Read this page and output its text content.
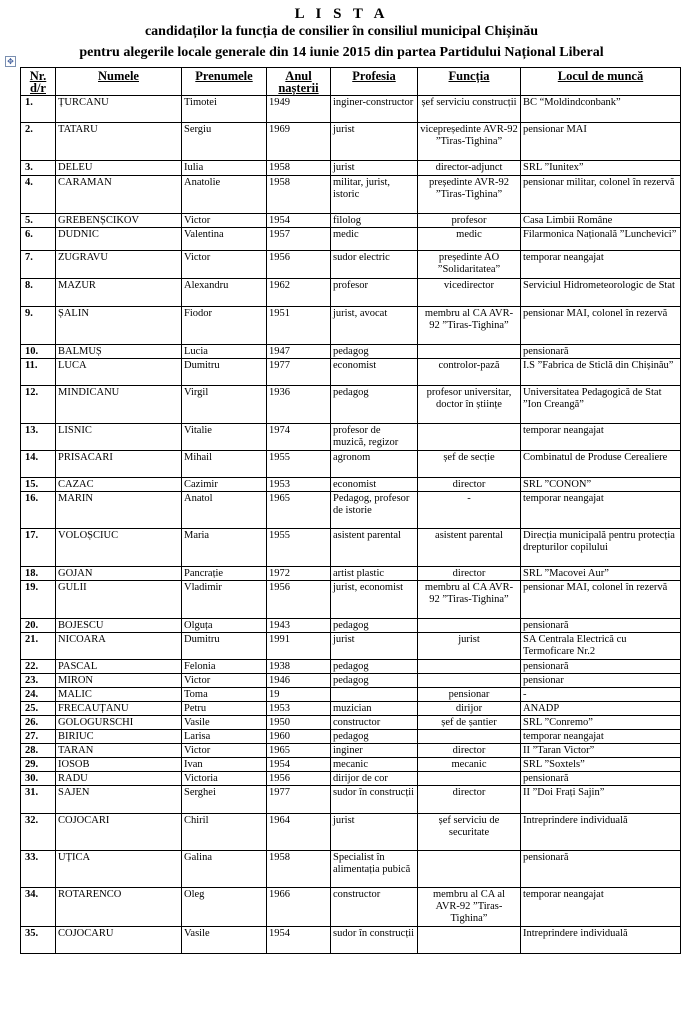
L I S T A
candidaților la funcția de consilier în consiliul municipal Chișinău
pentru alegerile locale generale din 14 iunie 2015 din partea Partidului Național Liberal
✥
Nr. d/r	Numele	Prenumele	Anul nașterii	Profesia	Funcția	Locul de muncă
1.	ȚURCANU	Timotei	1949	inginer-constructor	șef serviciu construcții	BC “Moldindconbank”
2.	TATARU	Sergiu	1969	jurist	vicepreședinte AVR-92 ”Tiras-Tighina”	pensionar MAI
3.	DELEU	Iulia	1958	jurist	director-adjunct	SRL ”Iunitex”
4.	CARAMAN	Anatolie	1958	militar, jurist, istoric	președinte AVR-92 ”Tiras-Tighina”	pensionar militar, colonel în rezervă
5.	GREBENȘCIKOV	Victor	1954	filolog	profesor	Casa Limbii Române
6.	DUDNIC	Valentina	1957	medic	medic	Filarmonica Națională ”Lunchevici”
7.	ZUGRAVU	Victor	1956	sudor electric	președinte AO ”Solidaritatea”	temporar neangajat
8.	MAZUR	Alexandru	1962	profesor	vicedirector	Serviciul Hidrometeorologic de Stat
9.	ȘALIN	Fiodor	1951	jurist, avocat	membru al CA AVR-92 ”Tiras-Tighina”	pensionar MAI, colonel în rezervă
10.	BALMUȘ	Lucia	1947	pedagog		pensionară
11.	LUCA	Dumitru	1977	economist	controlor-pază	I.S ”Fabrica de Sticlă din Chișinău”
12.	MINDICANU	Virgil	1936	pedagog	profesor universitar, doctor în științe	Universitatea Pedagogică de Stat ”Ion Creangă”
13.	LISNIC	Vitalie	1974	profesor de muzică, regizor		temporar neangajat
14.	PRISACARI	Mihail	1955	agronom	șef de secție	Combinatul de Produse Cerealiere
15.	CAZAC	Cazimir	1953	economist	director	SRL ”CONON”
16.	MARIN	Anatol	1965	Pedagog, profesor de istorie	-	temporar neangajat
17.	VOLOȘCIUC	Maria	1955	asistent parental	asistent parental	Direcția municipală pentru protecția drepturilor copilului
18.	GOJAN	Pancrație	1972	artist plastic	director	SRL ”Macovei Aur”
19.	GULII	Vladimir	1956	jurist, economist	membru al CA AVR-92 ”Tiras-Tighina”	pensionar MAI, colonel în rezervă
20.	BOJESCU	Olguța	1943	pedagog		pensionară
21.	NICOARA	Dumitru	1991	jurist	jurist	SA Centrala Electrică cu Termoficare Nr.2
22.	PASCAL	Felonia	1938	pedagog		pensionară
23.	MIRON	Victor	1946	pedagog		pensionar
24.	MALIC	Toma	19		pensionar	-
25.	FRECAUȚANU	Petru	1953	muzician	dirijor	ANADP
26.	GOLOGURSCHI	Vasile	1950	constructor	șef de șantier	SRL ”Conremo”
27.	BIRIUC	Larisa	1960	pedagog		temporar neangajat
28.	TARAN	Victor	1965	inginer	director	II ”Taran Victor”
29.	IOSOB	Ivan	1954	mecanic	mecanic	SRL ”Soxtels”
30.	RADU	Victoria	1956	dirijor de cor		pensionară
31.	SAJEN	Serghei	1977	sudor în construcții	director	II ”Doi Frați Sajin”
32.	COJOCARI	Chiril	1964	jurist	șef serviciu de securitate	Intreprindere individuală
33.	UȚICA	Galina	1958	Specialist în alimentația pubică		pensionară
34.	ROTARENCO	Oleg	1966	constructor	membru al CA al AVR-92 ”Tiras-Tighina”	temporar neangajat
35.	COJOCARU	Vasile	1954	sudor în construcții		Intreprindere individuală
